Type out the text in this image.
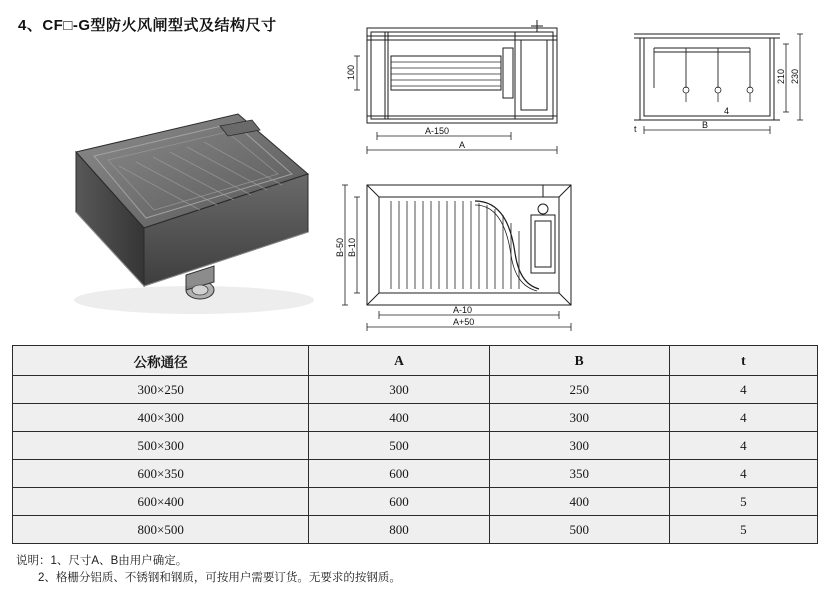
4、CF□-G型防火风闸型式及结构尺寸
100
A-150
A
210 230
4
t	B
B-50 B-10
A-10
A+50
公称通径	A	B	t
300×250	300	250	4
400×300	400	300	4
500×300	500	300	4
600×350	600	350	4
600×400	600	400	5
800×500	800	500	5
说明：1、尺寸A、B由用户确定。
2、格栅分铝质、不锈钢和钢质，可按用户需要订货。无要求的按钢质。
